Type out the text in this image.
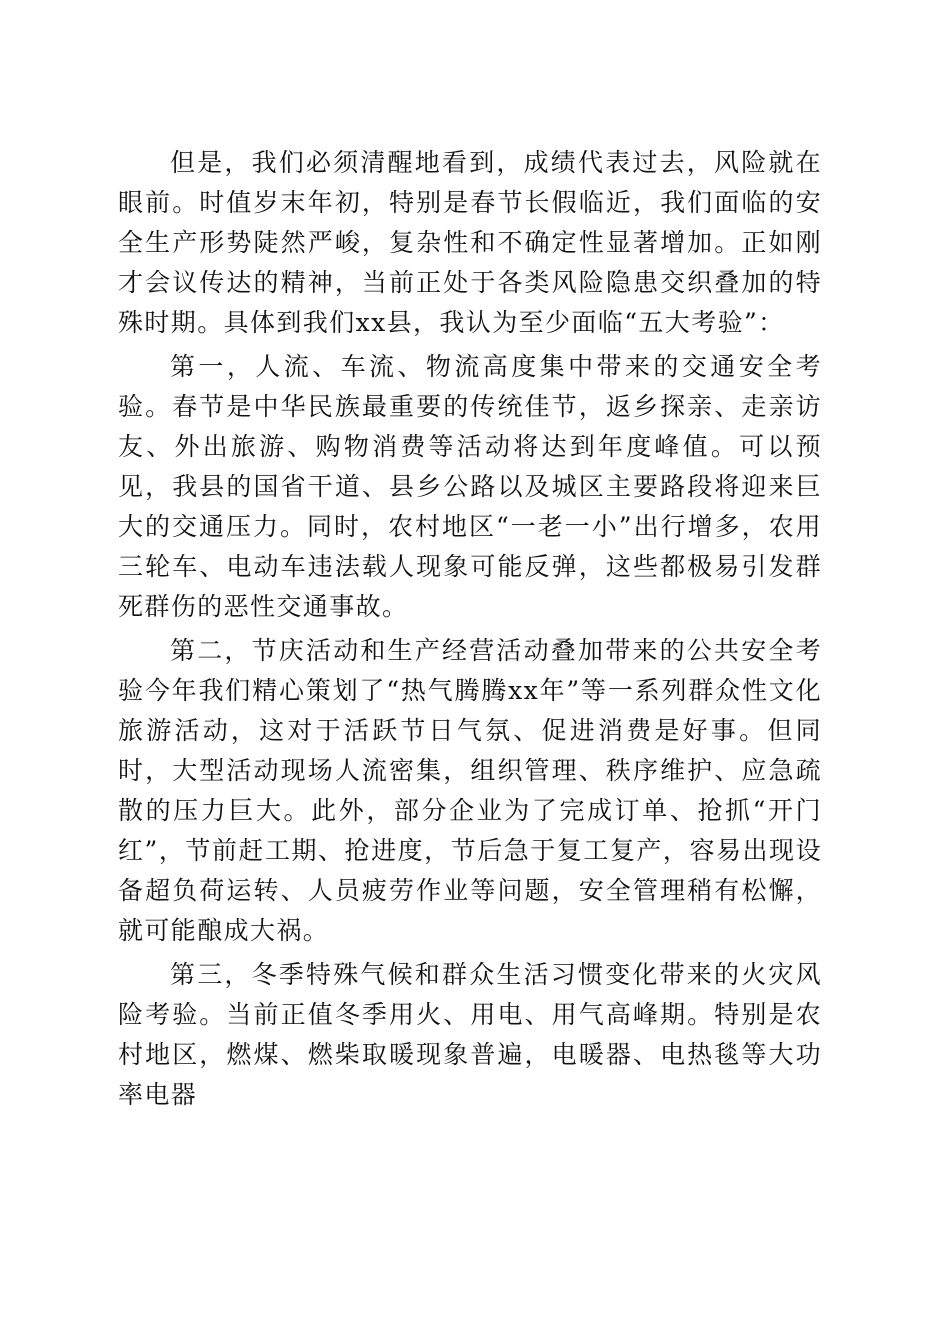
但是，我们必须清醒地看到，成绩代表过去，风险就在眼前。时值岁末年初，特别是春节长假临近，我们面临的安全生产形势陡然严峻，复杂性和不确定性显著增加。正如刚才会议传达的精神，当前正处于各类风险隐患交织叠加的特殊时期。具体到我们xx县，我认为至少面临“五大考验”：

第一，人流、车流、物流高度集中带来的交通安全考验。春节是中华民族最重要的传统佳节，返乡探亲、走亲访友、外出旅游、购物消费等活动将达到年度峰值。可以预见，我县的国省干道、县乡公路以及城区主要路段将迎来巨大的交通压力。同时，农村地区“一老一小”出行增多，农用三轮车、电动车违法载人现象可能反弹，这些都极易引发群死群伤的恶性交通事故。

第二，节庆活动和生产经营活动叠加带来的公共安全考验今年我们精心策划了“热气腾腾xx年”等一系列群众性文化旅游活动，这对于活跃节日气氛、促进消费是好事。但同时，大型活动现场人流密集，组织管理、秩序维护、应急疏散的压力巨大。此外，部分企业为了完成订单、抢抓“开门红”，节前赶工期、抢进度，节后急于复工复产，容易出现设备超负荷运转、人员疲劳作业等问题，安全管理稍有松懈，就可能酿成大祸。

第三，冬季特殊气候和群众生活习惯变化带来的火灾风险考验。当前正值冬季用火、用电、用气高峰期。特别是农村地区，燃煤、燃柴取暖现象普遍，电暖器、电热毯等大功率电器
